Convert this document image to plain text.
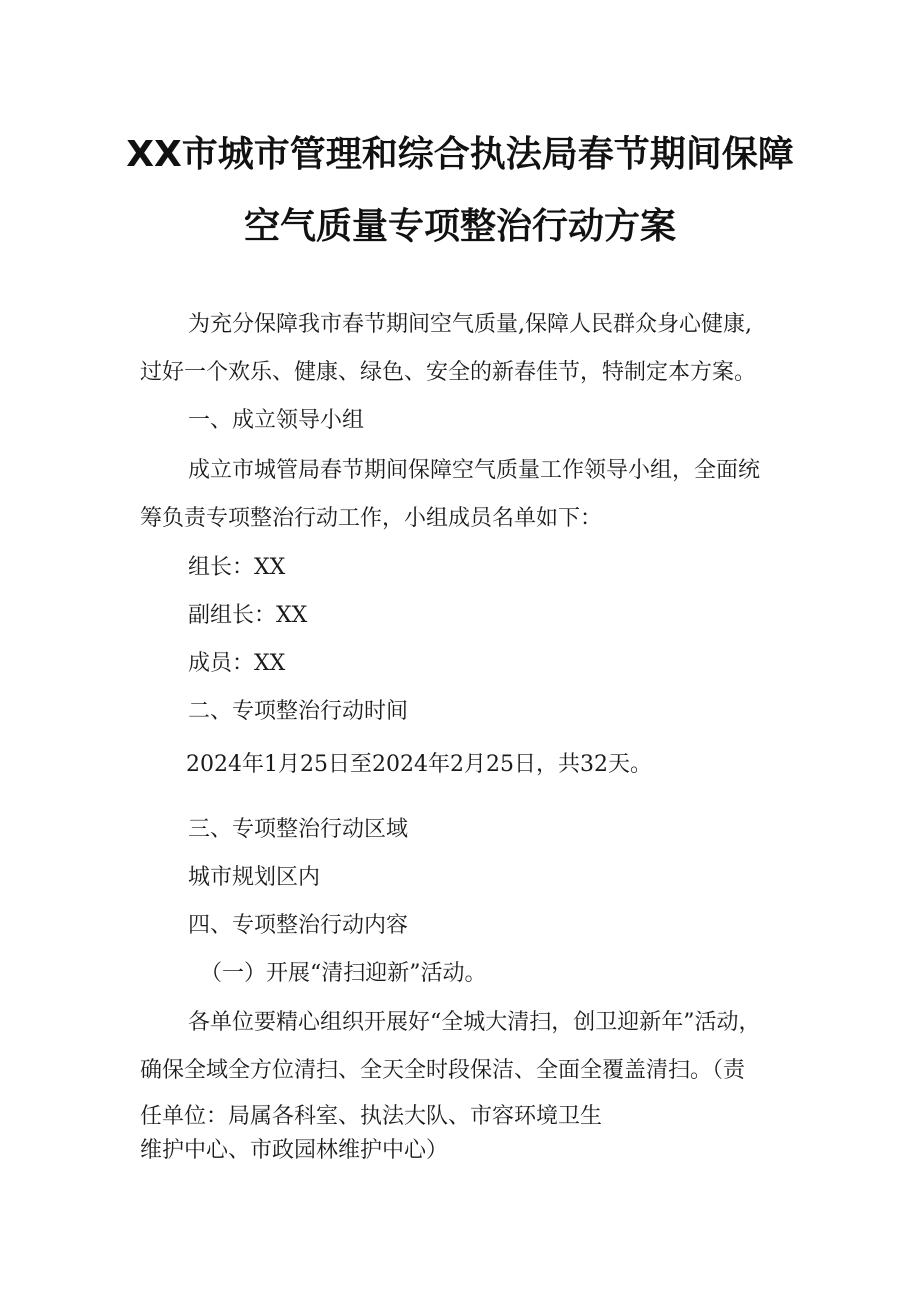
XX市城市管理和综合执法局春节期间保障
空气质量专项整治行动方案
为充分保障我市春节期间空气质量,保障人民群众身心健康,
过好一个欢乐、健康、绿色、安全的新春佳节，特制定本方案。
一、成立领导小组
成立市城管局春节期间保障空气质量工作领导小组，全面统
筹负责专项整治行动工作，小组成员名单如下：
组长：XX
副组长：XX
成员：XX
二、专项整治行动时间
2024年1月25日至2024年2月25日，共32天。
三、专项整治行动区域
城市规划区内
四、专项整治行动内容
（一）开展“清扫迎新”活动。
各单位要精心组织开展好“全城大清扫，创卫迎新年”活动，
确保全域全方位清扫、全天全时段保洁、全面全覆盖清扫。（责
任单位：局属各科室、执法大队、市容环境卫生
维护中心、市政园林维护中心）
